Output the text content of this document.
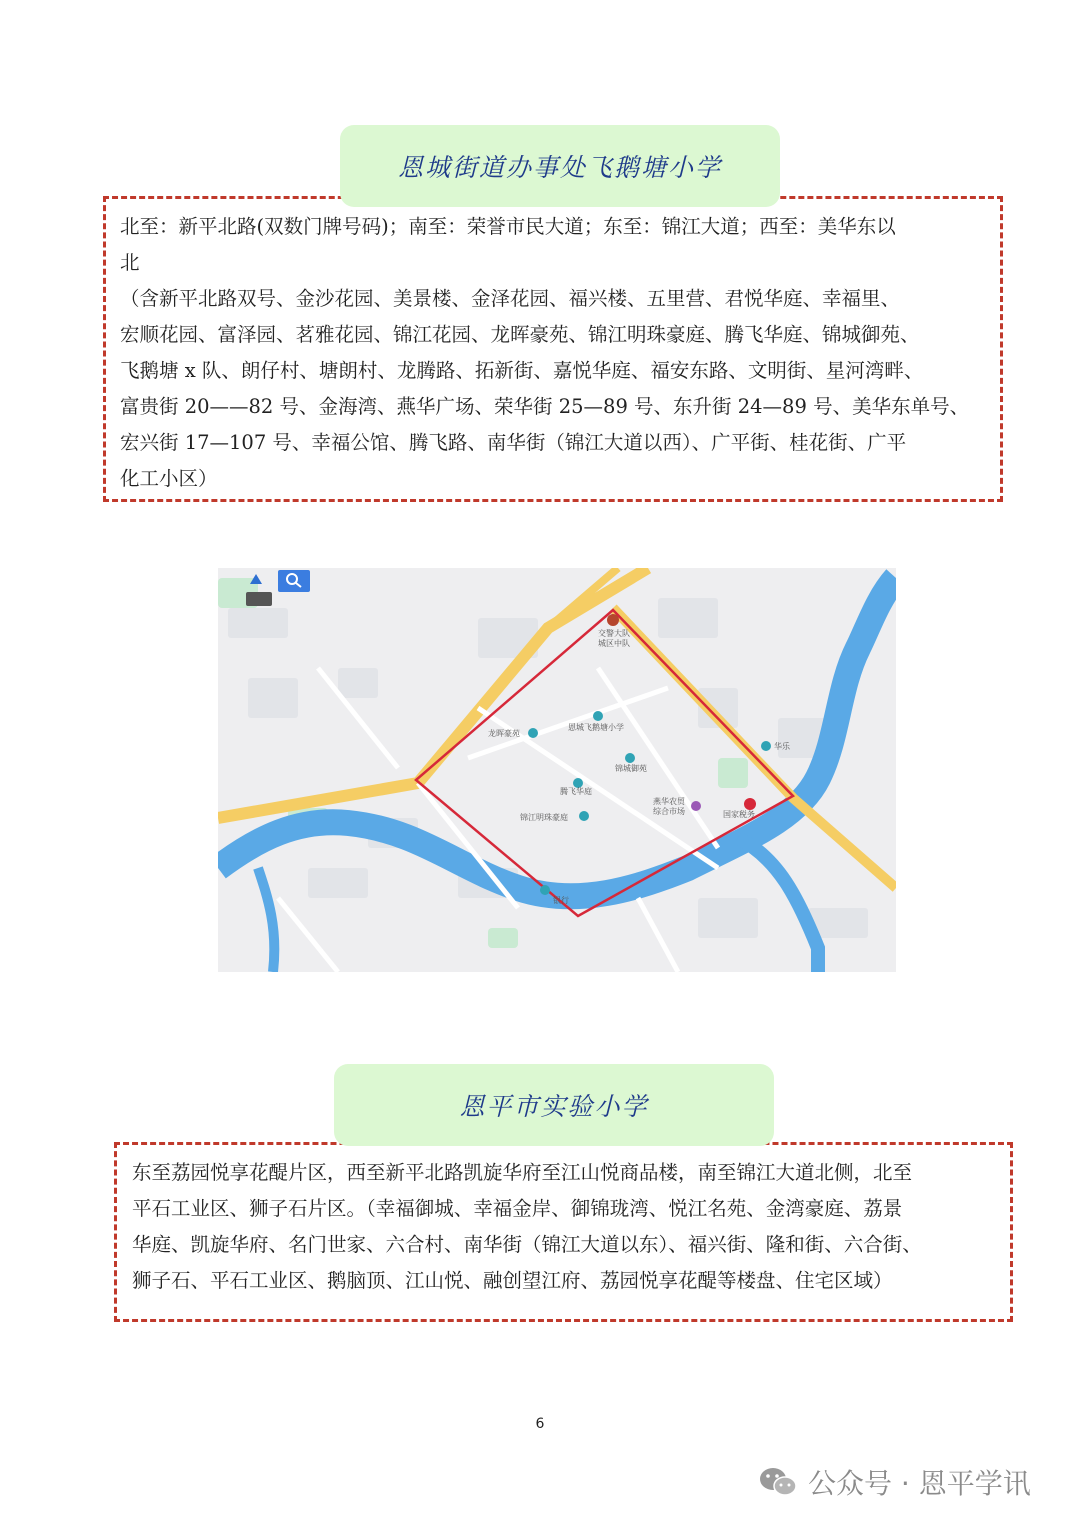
恩城街道办事处飞鹅塘小学

北至：新平北路(双数门牌号码)；南至：荣誉市民大道；东至：锦江大道；西至：美华东以

北

（含新平北路双号、金沙花园、美景楼、金泽花园、福兴楼、五里营、君悦华庭、幸福里、

宏顺花园、富泽园、茗雅花园、锦江花园、龙晖豪苑、锦江明珠豪庭、腾飞华庭、锦城御苑、

飞鹅塘 x 队、朗仔村、塘朗村、龙腾路、拓新街、嘉悦华庭、福安东路、文明街、星河湾畔、

富贵街 20——82 号、金海湾、燕华广场、荣华街 25—89 号、东升街 24—89 号、美华东单号、

宏兴街 17—107 号、幸福公馆、腾飞路、南华街（锦江大道以西）、广平街、桂花街、广平

化工小区）

交警大队
城区中队
恩城飞鹅塘小学
龙晖豪苑
锦城御苑
腾飞华庭
锦江明珠豪庭
燕华农贸
综合市场
华乐
银行
国家税务
恩平市实验小学

东至荔园悦享花醍片区，西至新平北路凯旋华府至江山悦商品楼，南至锦江大道北侧，北至

平石工业区、狮子石片区。（幸福御城、幸福金岸、御锦珑湾、悦江名苑、金湾豪庭、荔景

华庭、凯旋华府、名门世家、六合村、南华街（锦江大道以东）、福兴街、隆和街、六合街、

狮子石、平石工业区、鹅脑顶、江山悦、融创望江府、荔园悦享花醍等楼盘、住宅区域）

6
公众号 · 恩平学讯
